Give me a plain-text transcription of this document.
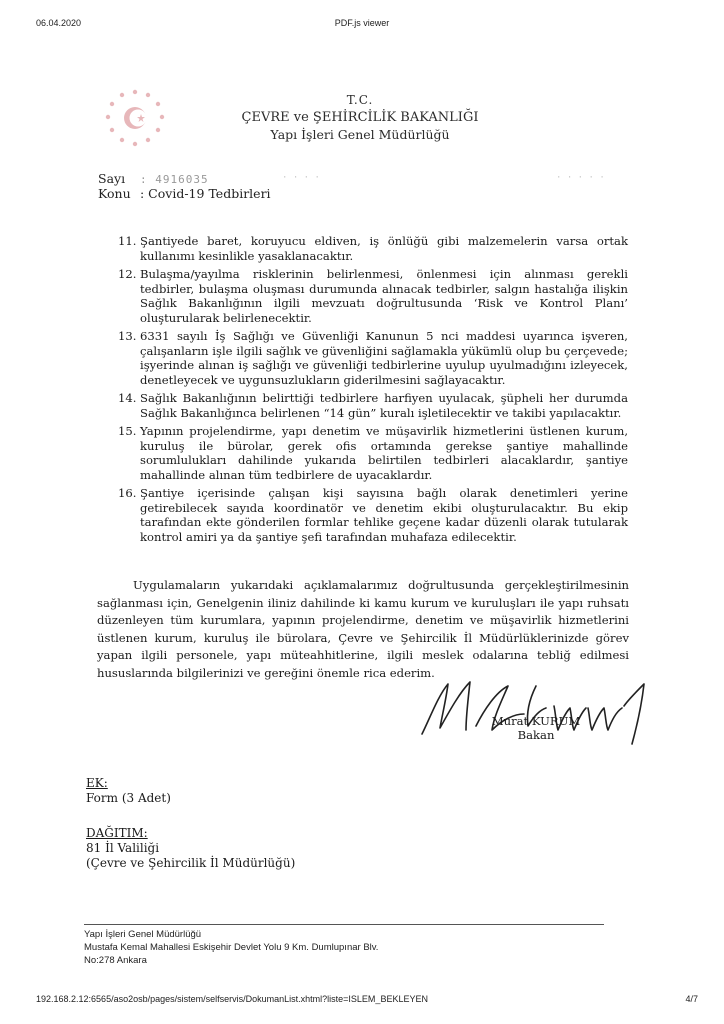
06.04.2020	PDF.js viewer
T.C.
ÇEVRE ve ŞEHİRCİLİK BAKANLIĞI
Yapı İşleri Genel Müdürlüğü
Sayı : 4916035	· · · ·	· · · · ·
Konu : Covid-19 Tedbirleri
11. Şantiyede baret, koruyucu eldiven, iş önlüğü gibi malzemelerin varsa ortak kullanımı kesinlikle yasaklanacaktır.
12. Bulaşma/yayılma risklerinin belirlenmesi, önlenmesi için alınması gerekli tedbirler, bulaşma oluşması durumunda alınacak tedbirler, salgın hastalığa ilişkin Sağlık Bakanlığının ilgili mevzuatı doğrultusunda ‘Risk ve Kontrol Planı’ oluşturularak belirlenecektir.
13. 6331 sayılı İş Sağlığı ve Güvenliği Kanunun 5 nci maddesi uyarınca işveren, çalışanların işle ilgili sağlık ve güvenliğini sağlamakla yükümlü olup bu çerçevede; işyerinde alınan iş sağlığı ve güvenliği tedbirlerine uyulup uyulmadığını izleyecek, denetleyecek ve uygunsuzlukların giderilmesini sağlayacaktır.
14. Sağlık Bakanlığının belirttiği tedbirlere harfiyen uyulacak, şüpheli her durumda Sağlık Bakanlığınca belirlenen “14 gün” kuralı işletilecektir ve takibi yapılacaktır.
15. Yapının projelendirme, yapı denetim ve müşavirlik hizmetlerini üstlenen kurum, kuruluş ile bürolar, gerek ofis ortamında gerekse şantiye mahallinde sorumlulukları dahilinde yukarıda belirtilen tedbirleri alacaklardır, şantiye mahallinde alınan tüm tedbirlere de uyacaklardır.
16. Şantiye içerisinde çalışan kişi sayısına bağlı olarak denetimleri yerine getirebilecek sayıda koordinatör ve denetim ekibi oluşturulacaktır. Bu ekip tarafından ekte gönderilen formlar tehlike geçene kadar düzenli olarak tutularak kontrol amiri ya da şantiye şefi tarafından muhafaza edilecektir.

Uygulamaların yukarıdaki açıklamalarımız doğrultusunda gerçekleştirilmesinin sağlanması için, Genelgenin iliniz dahilinde ki kamu kurum ve kuruluşları ile yapı ruhsatı düzenleyen tüm kurumlara, yapının projelendirme, denetim ve müşavirlik hizmetlerini üstlenen kurum, kuruluş ile bürolara, Çevre ve Şehircilik İl Müdürlüklerinizde görev yapan ilgili personele, yapı müteahhitlerine, ilgili meslek odalarına tebliğ edilmesi hususlarında bilgilerinizi ve gereğini önemle rica ederim.

Murat KURUM
Bakan
EK:
Form (3 Adet)
DAĞITIM:
81 İl Valiliği
(Çevre ve Şehircilik İl Müdürlüğü)
Yapı İşleri Genel Müdürlüğü
Mustafa Kemal Mahallesi Eskişehir Devlet Yolu 9 Km. Dumlupınar Blv.
No:278 Ankara
192.168.2.12:6565/aso2osb/pages/sistem/selfservis/DokumanList.xhtml?liste=ISLEM_BEKLEYEN	4/7
